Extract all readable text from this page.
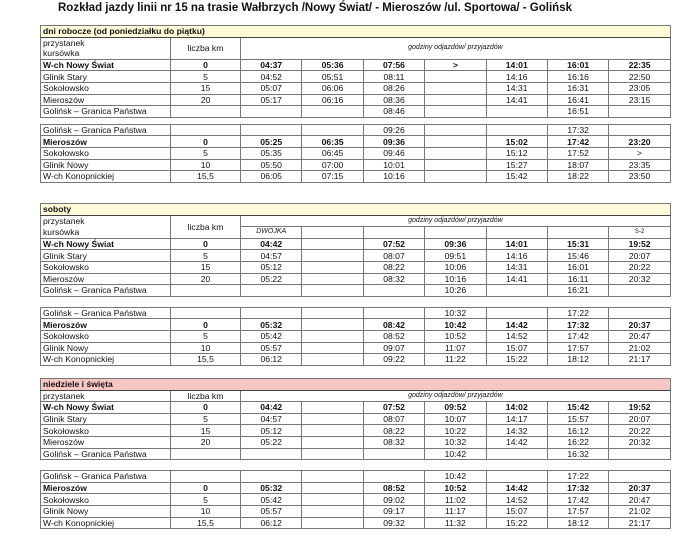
Rozkład jazdy linii nr 15 na trasie Wałbrzych /Nowy Świat/ - Mieroszów /ul. Sportowa/ - Golińsk
dni robocze (od poniedziałku do piątku)								
przystanek	liczba km	godziny odjazdów/ przyjazdów						
kursówka								
W-ch Nowy Świat	0	04:37	05:36	07:56	>	14:01	16:01	22:35
Glinik Stary	5	04:52	05:51	08:11		14:16	16:16	22:50
Sokołowsko	15	05:07	06:06	08:26		14:31	16:31	23:05
Mieroszów	20	05:17	06:16	08:36		14:41	16:41	23:15
Golińsk – Granica Państwa				08:46			16:51	
Golińsk – Granica Państwa				09:26			17:32	
Mieroszów	0	05:25	06:35	09:36		15:02	17:42	23:20
Sokołowsko	5	05:35	06:45	09:46		15:12	17:52	>
Glinik Nowy	10	05:50	07:00	10:01		15:27	18:07	23:35
W-ch Konopnickiej	15,5	06:05	07:15	10:16		15:42	18:22	23:50
soboty								
przystanek	liczba km	godziny odjazdów/ przyjazdów						
kursówka		DWÓJKA						S-2
W-ch Nowy Świat	0	04:42		07:52	09:36	14:01	15:31	19:52
Glinik Stary	5	04:57		08:07	09:51	14:16	15:46	20:07
Sokołowsko	15	05:12		08:22	10:06	14:31	16:01	20:22
Mieroszów	20	05:22		08:32	10:16	14:41	16:11	20:32
Golińsk – Granica Państwa					10:26		16:21	
Golińsk – Granica Państwa					10:32		17:22	
Mieroszów	0	05:32		08:42	10:42	14:42	17:32	20:37
Sokołowsko	5	05:42		08:52	10:52	14:52	17:42	20:47
Glinik Nowy	10	05:57		09:07	11:07	15:07	17:57	21:02
W-ch Konopnickiej	15,5	06:12		09:22	11:22	15:22	18:12	21:17
niedziele i święta								
przystanek	liczba km	godziny odjazdów/ przyjazdów						
W-ch Nowy Świat	0	04:42		07:52	09:52	14:02	15:42	19:52
Glinik Stary	5	04:57		08:07	10:07	14:17	15:57	20:07
Sokołowsko	15	05:12		08:22	10:22	14:32	16:12	20:22
Mieroszów	20	05:22		08:32	10:32	14:42	16:22	20:32
Golińsk – Granica Państwa					10:42		16:32	
Golińsk – Granica Państwa					10:42		17:22	
Mieroszów	0	05:32		08:52	10:52	14:42	17:32	20:37
Sokołowsko	5	05:42		09:02	11:02	14:52	17:42	20:47
Glinik Nowy	10	05:57		09:17	11:17	15:07	17:57	21:02
W-ch Konopnickiej	15,5	06:12		09:32	11:32	15:22	18:12	21:17
